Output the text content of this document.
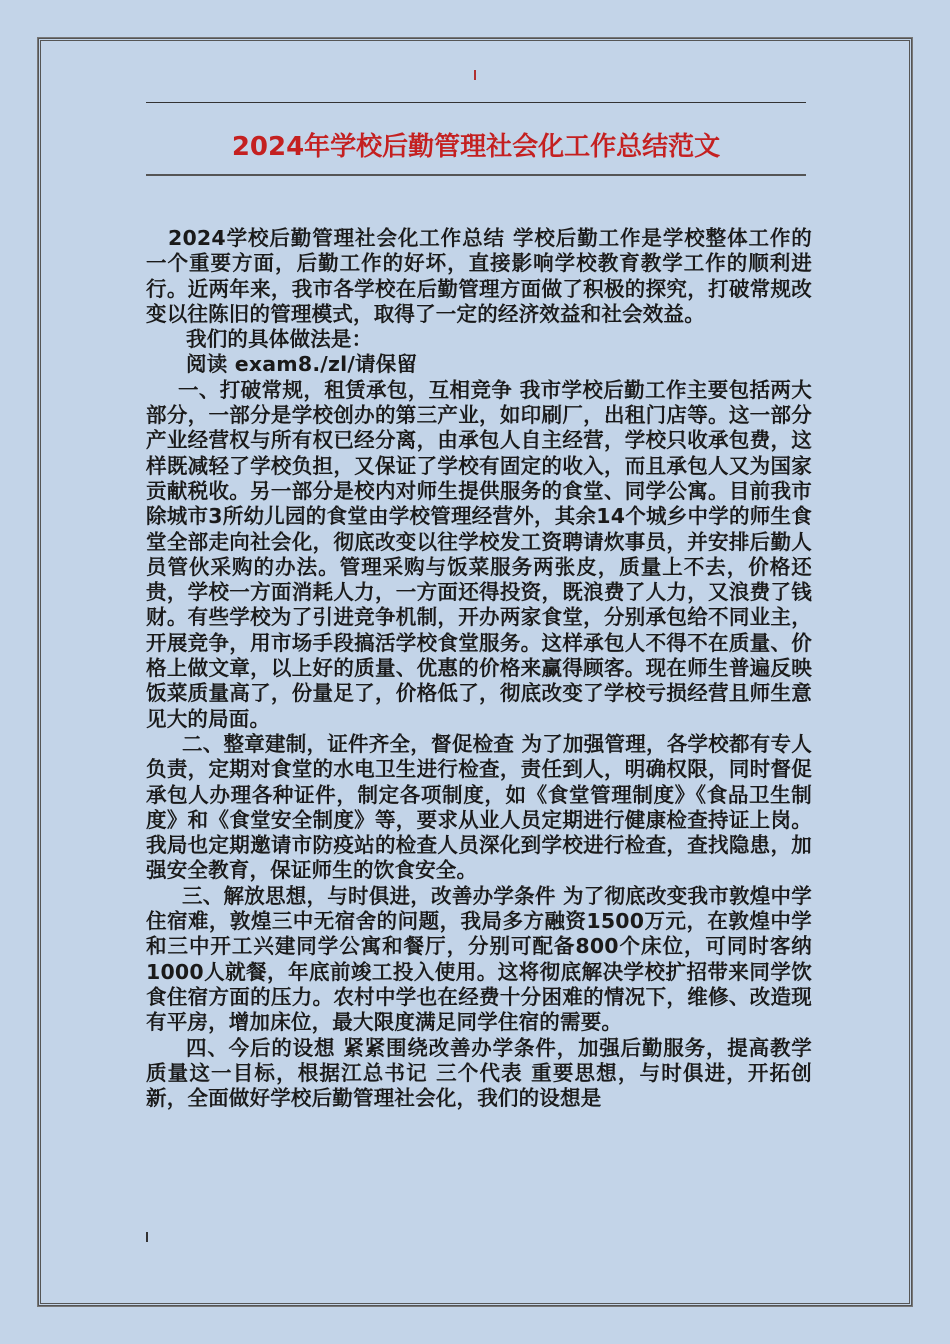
2024年学校后勤管理社会化工作总结范文

2024学校后勤管理社会化工作总结 学校后勤工作是学校整体工作的一个重要方面，后勤工作的好坏，直接影响学校教育教学工作的顺利进行。近两年来，我市各学校在后勤管理方面做了积极的探究，打破常规改变以往陈旧的管理模式，取得了一定的经济效益和社会效益。

我们的具体做法是：

阅读 exam8./zl/请保留

一、打破常规，租赁承包，互相竞争 我市学校后勤工作主要包括两大部分，一部分是学校创办的第三产业，如印刷厂，出租门店等。这一部分产业经营权与所有权已经分离，由承包人自主经营，学校只收承包费，这样既减轻了学校负担，又保证了学校有固定的收入，而且承包人又为国家贡献税收。另一部分是校内对师生提供服务的食堂、同学公寓。目前我市除城市3所幼儿园的食堂由学校管理经营外，其余14个城乡中学的师生食堂全部走向社会化，彻底改变以往学校发工资聘请炊事员，并安排后勤人员管伙采购的办法。管理采购与饭菜服务两张皮，质量上不去，价格还贵，学校一方面消耗人力，一方面还得投资，既浪费了人力，又浪费了钱财。有些学校为了引进竞争机制，开办两家食堂，分别承包给不同业主，开展竞争，用市场手段搞活学校食堂服务。这样承包人不得不在质量、价格上做文章，以上好的质量、优惠的价格来赢得顾客。现在师生普遍反映饭菜质量高了，份量足了，价格低了，彻底改变了学校亏损经营且师生意见大的局面。

二、整章建制，证件齐全，督促检查 为了加强管理，各学校都有专人负责，定期对食堂的水电卫生进行检查，责任到人，明确权限，同时督促承包人办理各种证件，制定各项制度，如《食堂管理制度》《食品卫生制度》和《食堂安全制度》等，要求从业人员定期进行健康检查持证上岗。我局也定期邀请市防疫站的检查人员深化到学校进行检查，查找隐患，加强安全教育，保证师生的饮食安全。

三、解放思想，与时俱进，改善办学条件 为了彻底改变我市敦煌中学住宿难，敦煌三中无宿舍的问题，我局多方融资1500万元，在敦煌中学和三中开工兴建同学公寓和餐厅，分别可配备800个床位，可同时客纳1000人就餐，年底前竣工投入使用。这将彻底解决学校扩招带来同学饮食住宿方面的压力。农村中学也在经费十分困难的情况下，维修、改造现有平房，增加床位，最大限度满足同学住宿的需要。

四、今后的设想 紧紧围绕改善办学条件，加强后勤服务，提高教学质量这一目标，根据江总书记 三个代表 重要思想，与时俱进，开拓创新，全面做好学校后勤管理社会化，我们的设想是
